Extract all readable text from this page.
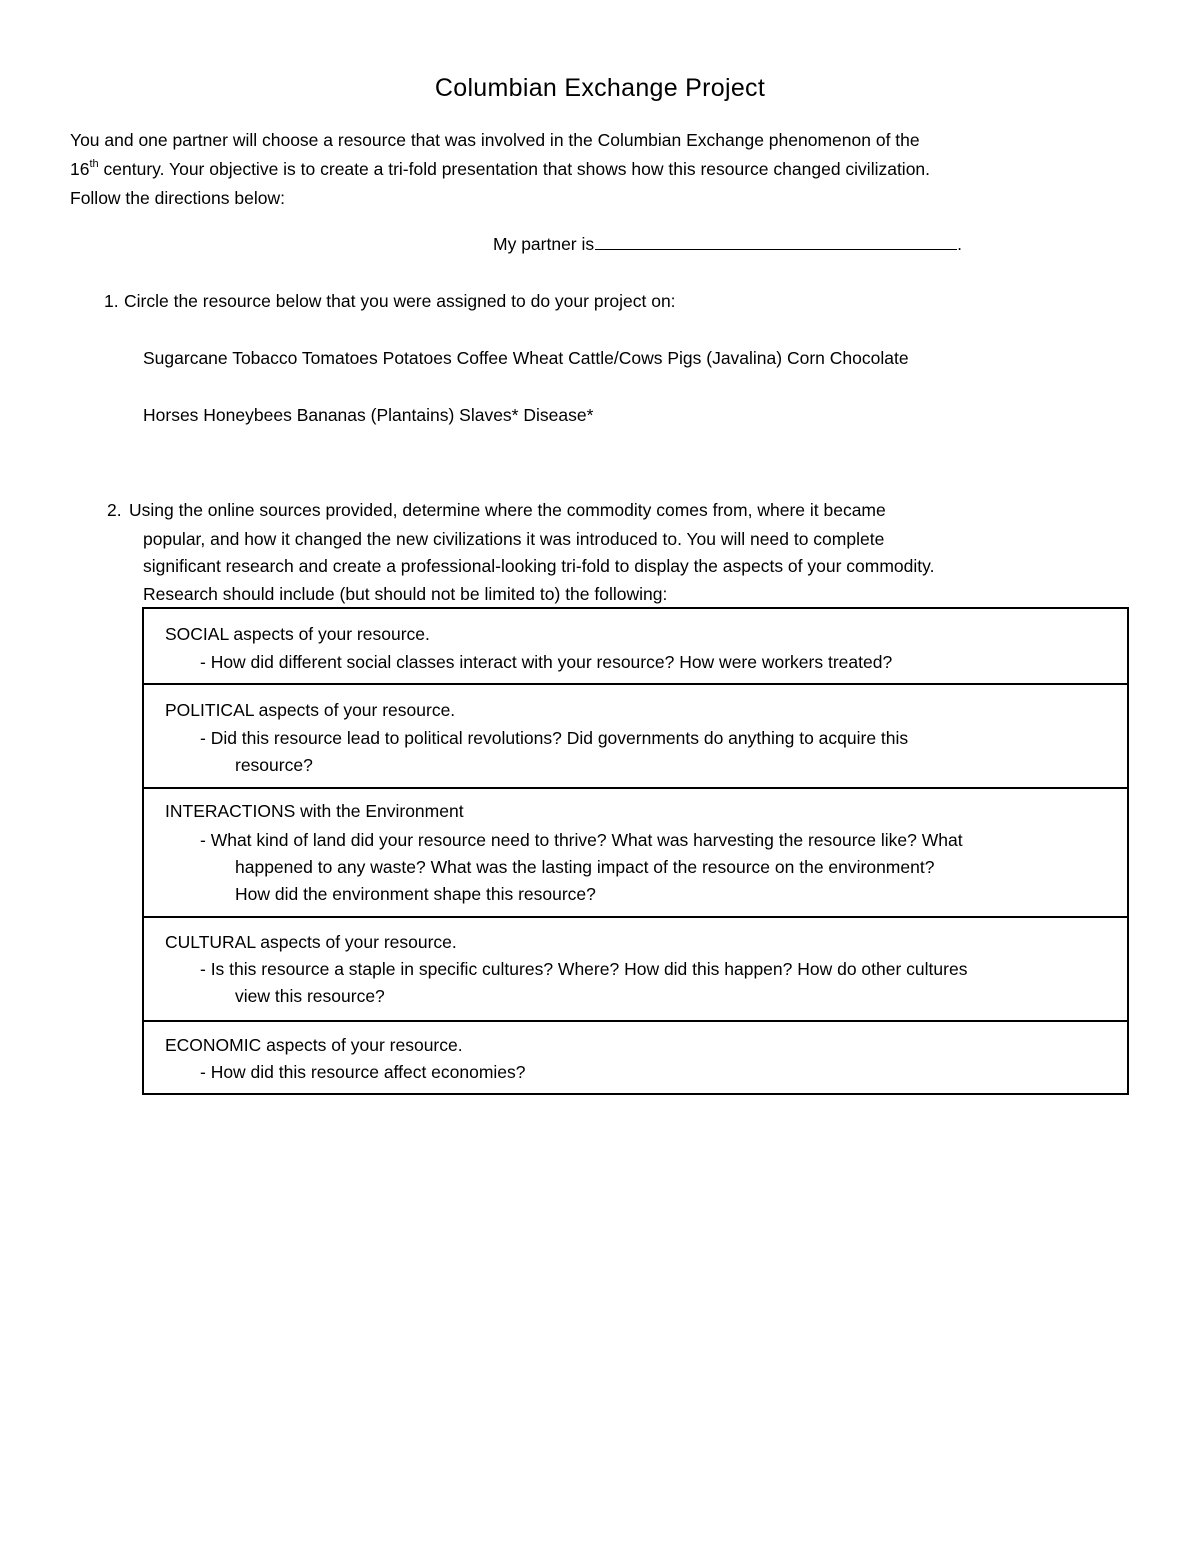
Columbian Exchange Project
You and one partner will choose a resource that was involved in the Columbian Exchange phenomenon of the
16th century. Your objective is to create a tri-fold presentation that shows how this resource changed civilization.
Follow the directions below:
My partner is	.
1. Circle the resource below that you were assigned to do your project on:
Sugarcane Tobacco Tomatoes Potatoes Coffee Wheat Cattle/Cows Pigs (Javalina) Corn Chocolate
Horses Honeybees Bananas (Plantains) Slaves* Disease*
2. Using the online sources provided, determine where the commodity comes from, where it became
popular, and how it changed the new civilizations it was introduced to. You will need to complete
significant research and create a professional-looking tri-fold to display the aspects of your commodity.
Research should include (but should not be limited to) the following:
SOCIAL aspects of your resource.
- How did different social classes interact with your resource? How were workers treated?
POLITICAL aspects of your resource.
- Did this resource lead to political revolutions? Did governments do anything to acquire this
resource?
INTERACTIONS with the Environment
- What kind of land did your resource need to thrive? What was harvesting the resource like? What
happened to any waste? What was the lasting impact of the resource on the environment?
How did the environment shape this resource?
CULTURAL aspects of your resource.
- Is this resource a staple in specific cultures? Where? How did this happen? How do other cultures
view this resource?
ECONOMIC aspects of your resource.
- How did this resource affect economies?
